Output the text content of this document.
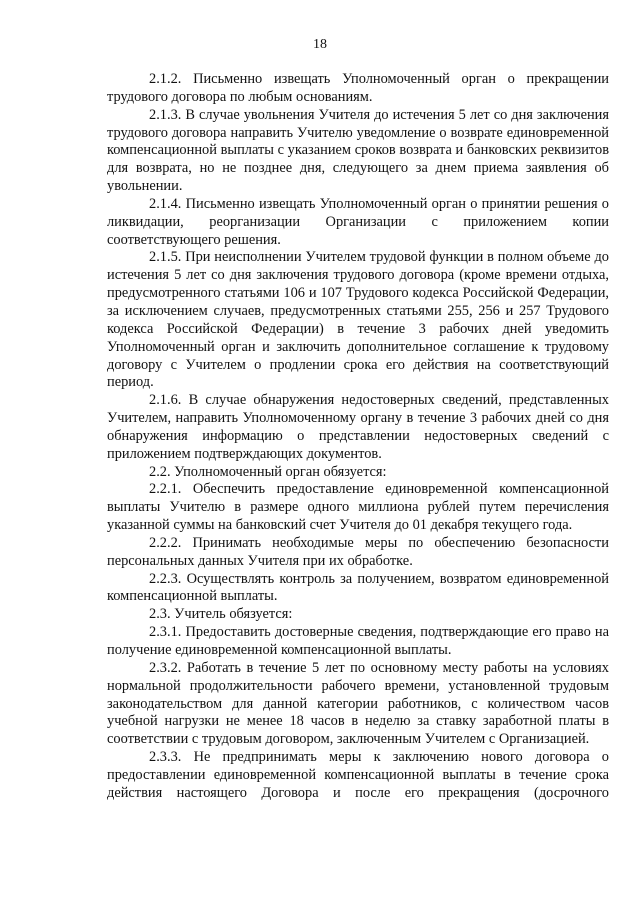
18

2.1.2. Письменно извещать Уполномоченный орган о прекращении трудового договора по любым основаниям.

2.1.3. В случае увольнения Учителя до истечения 5 лет со дня заключения трудового договора направить Учителю уведомление о возврате единовременной компенсационной выплаты с указанием сроков возврата и банковских реквизитов для возврата, но не позднее дня, следующего за днем приема заявления об увольнении.

2.1.4. Письменно извещать Уполномоченный орган о принятии решения о ликвидации, реорганизации Организации с приложением копии соответствующего решения.

2.1.5. При неисполнении Учителем трудовой функции в полном объеме до истечения 5 лет со дня заключения трудового договора (кроме времени отдыха, предусмотренного статьями 106 и 107 Трудового кодекса Российской Федерации, за исключением случаев, предусмотренных статьями 255, 256 и 257 Трудового кодекса Российской Федерации) в течение 3 рабочих дней уведомить Уполномоченный орган и заключить дополнительное соглашение к трудовому договору с Учителем о продлении срока его действия на соответствующий период.

2.1.6. В случае обнаружения недостоверных сведений, представленных Учителем, направить Уполномоченному органу в течение 3 рабочих дней со дня обнаружения информацию о представлении недостоверных сведений с приложением подтверждающих документов.

2.2. Уполномоченный орган обязуется:

2.2.1. Обеспечить предоставление единовременной компенсационной выплаты Учителю в размере одного миллиона рублей путем перечисления указанной суммы на банковский счет Учителя до 01 декабря текущего года.

2.2.2. Принимать необходимые меры по обеспечению безопасности персональных данных Учителя при их обработке.

2.2.3. Осуществлять контроль за получением, возвратом единовременной компенсационной выплаты.

2.3. Учитель обязуется:

2.3.1. Предоставить достоверные сведения, подтверждающие его право на получение единовременной компенсационной выплаты.

2.3.2. Работать в течение 5 лет по основному месту работы на условиях нормальной продолжительности рабочего времени, установленной трудовым законодательством для данной категории работников, с количеством часов учебной нагрузки не менее 18 часов в неделю за ставку заработной платы в соответствии с трудовым договором, заключенным Учителем с Организацией.

2.3.3. Не предпринимать меры к заключению нового договора о предоставлении единовременной компенсационной выплаты в течение срока действия настоящего Договора и после его прекращения (досрочного
